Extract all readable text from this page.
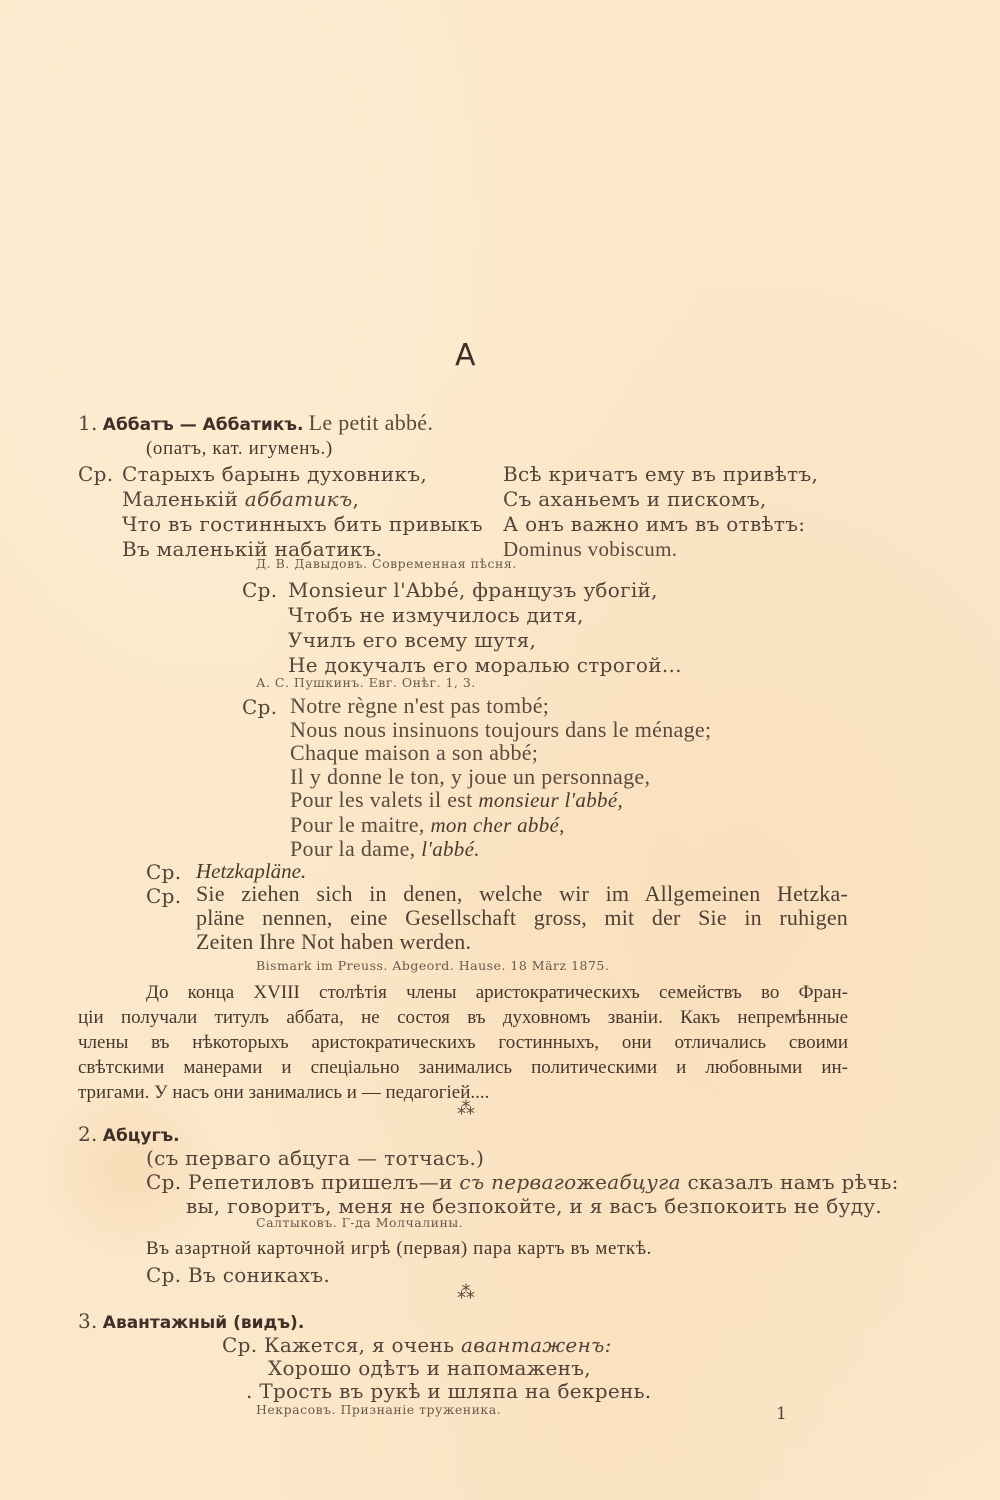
А
1. Аббатъ — Аббатикъ. Le petit abbé.
(опатъ, кат. игуменъ.)
Ср. Старыхъ барынь духовникъ,
Маленькій аббатикъ,
Что въ гостинныхъ бить привыкъ
Въ маленькій набатикъ.
Всѣ кричатъ ему въ привѣтъ,
Съ аханьемъ и пискомъ,
А онъ важно имъ въ отвѣтъ:
Dominus vobiscum.
Д. В. Давыдовъ. Современная пѣсня.
Ср. Monsieur l'Abbé, французъ убогій,
Чтобъ не измучилось дитя,
Училъ его всему шутя,
Не докучалъ его моралью строгой...
А. С. Пушкинъ. Евг. Онѣг. 1, 3.
Ср. Notre règne n'est pas tombé;
Nous nous insinuons toujours dans le ménage;
Chaque maison a son abbé;
Il y donne le ton, y joue un personnage,
Pour les valets il est monsieur l'abbé,
Pour le maitre, mon cher abbé,
Pour la dame, l'abbé.
Ср. Hetzkapläne.
Ср. Sie ziehen sich in denen, welche wir im Allgemeinen Hetzka-
pläne nennen, eine Gesellschaft gross, mit der Sie in ruhigen
Zeiten Ihre Not haben werden.
Bismark im Preuss. Abgeord. Hause. 18 März 1875.
До конца XVIII столѣтія члены аристократическихъ семействъ во Фран-
ціи получали титулъ аббата, не состоя въ духовномъ званіи. Какъ непремѣнные
члены въ нѣкоторыхъ аристократическихъ гостинныхъ, они отличались своими
свѣтскими манерами и спеціально занимались политическими и любовными ин-
тригами. У насъ они занимались и — педагогіей....
⁂
2. Абцугъ.
(съ перваго абцуга — тотчасъ.)
Ср. Репетиловъ пришелъ—и съ первагожеабцуга сказалъ намъ рѣчь:
вы, говоритъ, меня не безпокойте, и я васъ безпокоить не буду.
Салтыковъ. Г-да Молчалины.
Въ азартной карточной игрѣ (первая) пара картъ въ меткѣ.
Ср. Въ соникахъ.
⁂
3. Авантажный (видъ).
Ср. Кажется, я очень авантаженъ:
Хорошо одѣтъ и напомаженъ,
. Трость въ рукѣ и шляпа на бекрень.
Некрасовъ. Признаніе труженика.	1
